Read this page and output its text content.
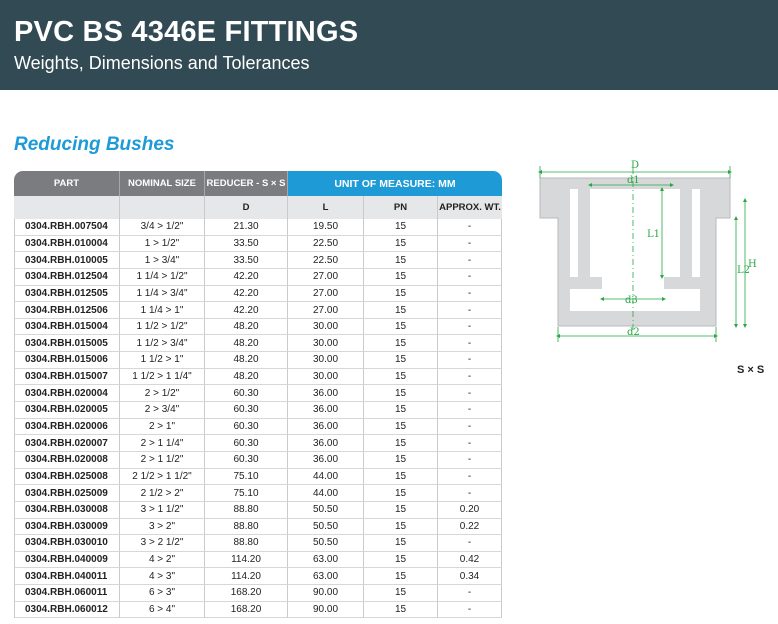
PVC BS 4346E FITTINGS
Weights, Dimensions and Tolerances
Reducing Bushes
PART	NOMINAL SIZE	REDUCER - S × S	UNIT OF MEASURE: MM		
		D	L	PN	APPROX. WT.
0304.RBH.007504	3/4 > 1/2"	21.30	19.50	15	-
0304.RBH.010004	1 > 1/2"	33.50	22.50	15	-
0304.RBH.010005	1 > 3/4"	33.50	22.50	15	-
0304.RBH.012504	1 1/4 > 1/2"	42.20	27.00	15	-
0304.RBH.012505	1 1/4 > 3/4"	42.20	27.00	15	-
0304.RBH.012506	1 1/4 > 1"	42.20	27.00	15	-
0304.RBH.015004	1 1/2 > 1/2"	48.20	30.00	15	-
0304.RBH.015005	1 1/2 > 3/4"	48.20	30.00	15	-
0304.RBH.015006	1 1/2 > 1"	48.20	30.00	15	-
0304.RBH.015007	1 1/2 > 1 1/4"	48.20	30.00	15	-
0304.RBH.020004	2 > 1/2"	60.30	36.00	15	-
0304.RBH.020005	2 > 3/4"	60.30	36.00	15	-
0304.RBH.020006	2 > 1"	60.30	36.00	15	-
0304.RBH.020007	2 > 1 1/4"	60.30	36.00	15	-
0304.RBH.020008	2 > 1 1/2"	60.30	36.00	15	-
0304.RBH.025008	2 1/2 > 1 1/2"	75.10	44.00	15	-
0304.RBH.025009	2 1/2 > 2"	75.10	44.00	15	-
0304.RBH.030008	3 > 1 1/2"	88.80	50.50	15	0.20
0304.RBH.030009	3 > 2"	88.80	50.50	15	0.22
0304.RBH.030010	3 > 2 1/2"	88.80	50.50	15	-
0304.RBH.040009	4 > 2"	114.20	63.00	15	0.42
0304.RBH.040011	4 > 3"	114.20	63.00	15	0.34
0304.RBH.060011	6 > 3"	168.20	90.00	15	-
0304.RBH.060012	6 > 4"	168.20	90.00	15	-
D
d1
L1
d3
d2
L2
H
S × S
